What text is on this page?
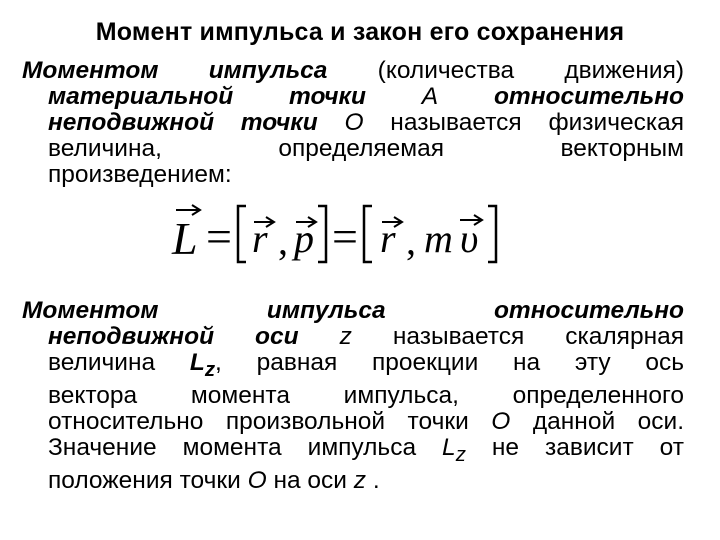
Момент импульса и закон его сохранения
Моментом импульса (количества движения)
материальной точки А относительно
неподвижной точки О называется физическая
величина, определяемая векторным
произведением:
L = r , p = r , m υ
Моментом импульса относительно
неподвижной оси z называется скалярная
величина $L_z$, равная проекции на эту ось
вектора момента импульса, определенного
относительно произвольной точки О данной оси.
Значение момента импульса $L_z$ не зависит от
положения точки О на оси z .
